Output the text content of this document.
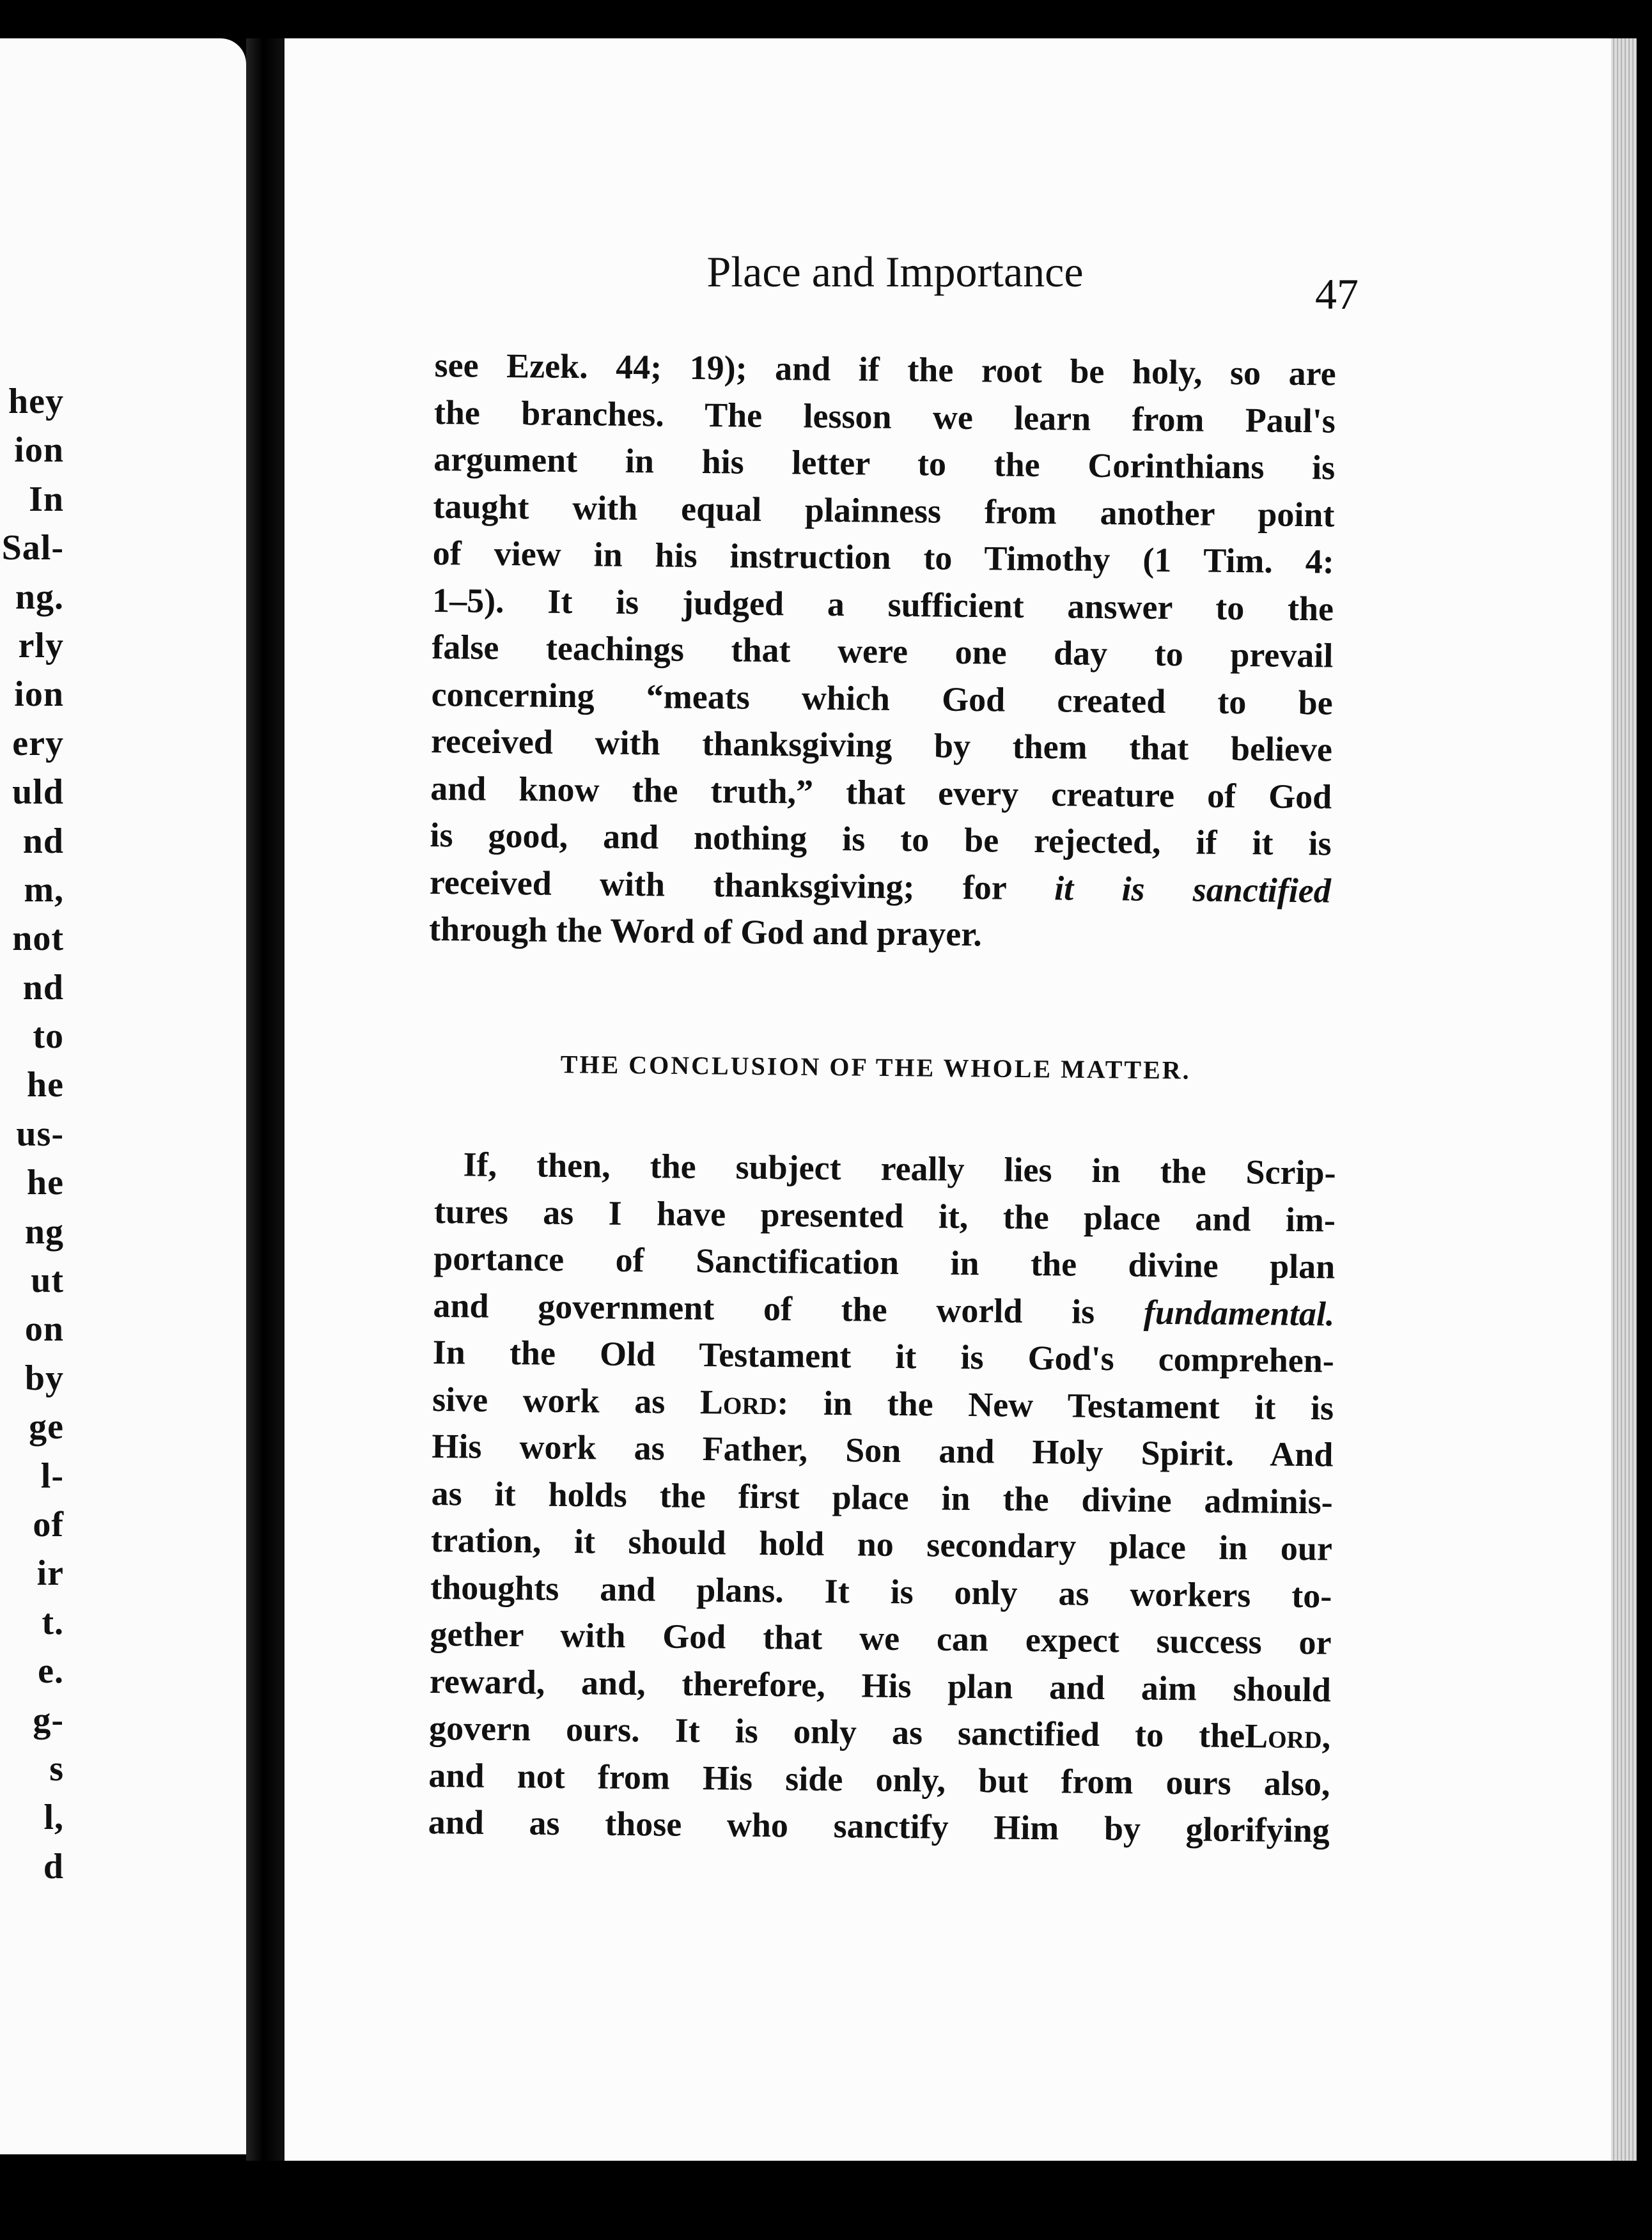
hey
ion
In
Sal-
ng.
rly
ion
ery
uld
nd
m,
not
nd
to
he
us-
he
ng
ut
on
by
ge
l-
of
ir
t.
e.
g-
s
l,
d
Place and Importance	47
see Ezek. 44; 19); and if the root be holy, so are
the branches. The lesson we learn from Paul's
argument in his letter to the Corinthians is
taught with equal plainness from another point
of view in his instruction to Timothy (1 Tim. 4:
1–5). It is judged a sufficient answer to the
false teachings that were one day to prevail
concerning “meats which God created to be
received with thanksgiving by them that believe
and know the truth,” that every creature of God
is good, and nothing is to be rejected, if it is
received with thanksgiving; for it is sanctified
through the Word of God and prayer.
THE CONCLUSION OF THE WHOLE MATTER.
If, then, the subject really lies in the Scrip-
tures as I have presented it, the place and im-
portance of Sanctification in the divine plan
and government of the world is fundamental.
In the Old Testament it is God's comprehen-
sive work as Lord: in the New Testament it is
His work as Father, Son and Holy Spirit. And
as it holds the first place in the divine adminis-
tration, it should hold no secondary place in our
thoughts and plans. It is only as workers to-
gether with God that we can expect success or
reward, and, therefore, His plan and aim should
govern ours. It is only as sanctified to theLord,
and not from His side only, but from ours also,
and as those who sanctify Him by glorifying
